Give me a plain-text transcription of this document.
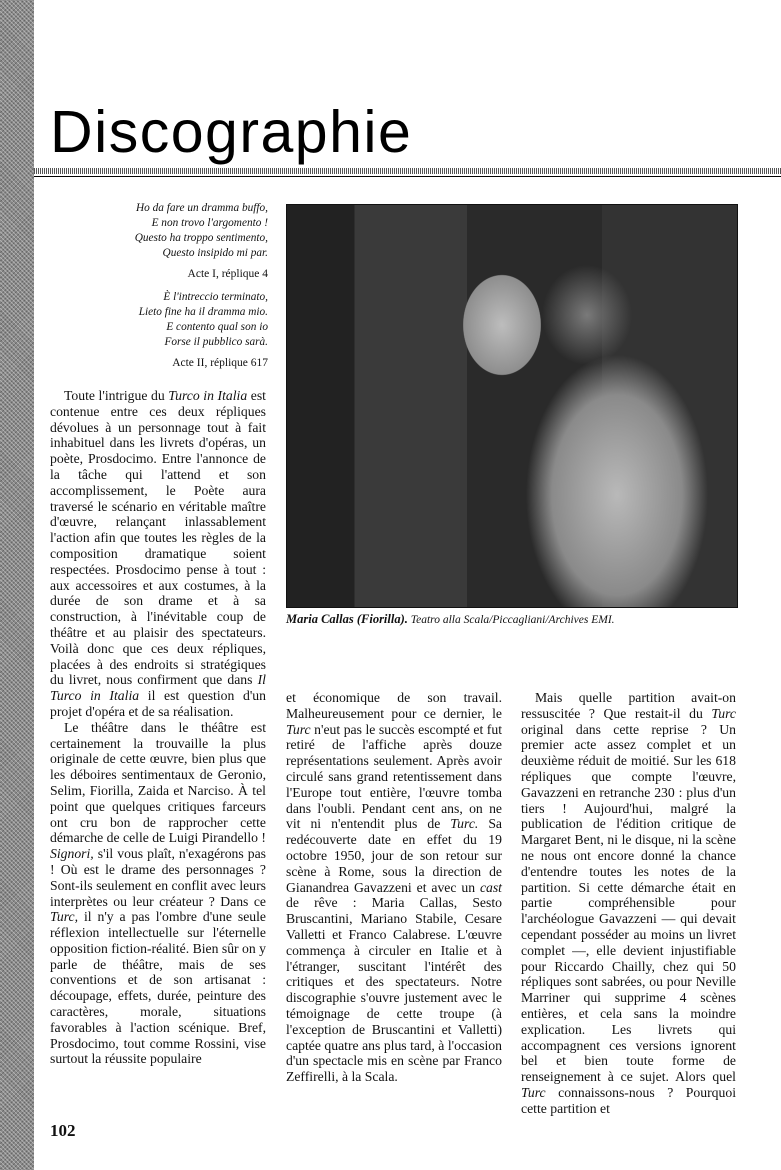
Discographie
Ho da fare un dramma buffo,
E non trovo l'argomento !
Questo ha troppo sentimento,
Questo insipido mi par.
Acte I, réplique 4
È l'intreccio terminato,
Lieto fine ha il dramma mio.
E contento qual son io
Forse il pubblico sarà.
Acte II, réplique 617
Maria Callas (Fiorilla). Teatro alla Scala/Piccagliani/Archives EMI.

Toute l'intrigue du Turco in Italia est contenue entre ces deux répliques dévolues à un personnage tout à fait inhabituel dans les livrets d'opéras, un poète, Prosdocimo. Entre l'annonce de la tâche qui l'attend et son accomplissement, le Poète aura traversé le scénario en véritable maître d'œuvre, relançant inlassablement l'action afin que toutes les règles de la composition dramatique soient respectées. Prosdocimo pense à tout : aux accessoires et aux costumes, à la durée de son drame et à sa construction, à l'inévitable coup de théâtre et au plaisir des spectateurs. Voilà donc que ces deux répliques, placées à des endroits si stratégiques du livret, nous confirment que dans Il Turco in Italia il est question d'un projet d'opéra et de sa réalisation.

Le théâtre dans le théâtre est certainement la trouvaille la plus originale de cette œuvre, bien plus que les déboires sentimentaux de Geronio, Selim, Fiorilla, Zaida et Narciso. À tel point que quelques critiques farceurs ont cru bon de rapprocher cette démarche de celle de Luigi Pirandello ! Signori, s'il vous plaît, n'exagérons pas ! Où est le drame des personnages ? Sont-ils seulement en conflit avec leurs interprètes ou leur créateur ? Dans ce Turc, il n'y a pas l'ombre d'une seule réflexion intellectuelle sur l'éternelle opposition fiction-réalité. Bien sûr on y parle de théâtre, mais de ses conventions et de son artisanat : découpage, effets, durée, peinture des caractères, morale, situations favorables à l'action scénique. Bref, Prosdocimo, tout comme Rossini, vise surtout la réussite populaire

et économique de son travail. Malheureusement pour ce dernier, le Turc n'eut pas le succès escompté et fut retiré de l'affiche après douze représentations seulement. Après avoir circulé sans grand retentissement dans l'Europe tout entière, l'œuvre tomba dans l'oubli. Pendant cent ans, on ne vit ni n'entendit plus de Turc. Sa redécouverte date en effet du 19 octobre 1950, jour de son retour sur scène à Rome, sous la direction de Gianandrea Gavazzeni et avec un cast de rêve : Maria Callas, Sesto Bruscantini, Mariano Stabile, Cesare Valletti et Franco Calabrese. L'œuvre commença à circuler en Italie et à l'étranger, suscitant l'intérêt des critiques et des spectateurs. Notre discographie s'ouvre justement avec le témoignage de cette troupe (à l'exception de Bruscantini et Valletti) captée quatre ans plus tard, à l'occasion d'un spectacle mis en scène par Franco Zeffirelli, à la Scala.

Mais quelle partition avait-on ressuscitée ? Que restait-il du Turc original dans cette reprise ? Un premier acte assez complet et un deuxième réduit de moitié. Sur les 618 répliques que compte l'œuvre, Gavazzeni en retranche 230 : plus d'un tiers ! Aujourd'hui, malgré la publication de l'édition critique de Margaret Bent, ni le disque, ni la scène ne nous ont encore donné la chance d'entendre toutes les notes de la partition. Si cette démarche était en partie compréhensible pour l'archéologue Gavazzeni — qui devait cependant posséder au moins un livret complet —, elle devient injustifiable pour Riccardo Chailly, chez qui 50 répliques sont sabrées, ou pour Neville Marriner qui supprime 4 scènes entières, et cela sans la moindre explication. Les livrets qui accompagnent ces versions ignorent bel et bien toute forme de renseignement à ce sujet. Alors quel Turc connaissons-nous ? Pourquoi cette partition et

102
